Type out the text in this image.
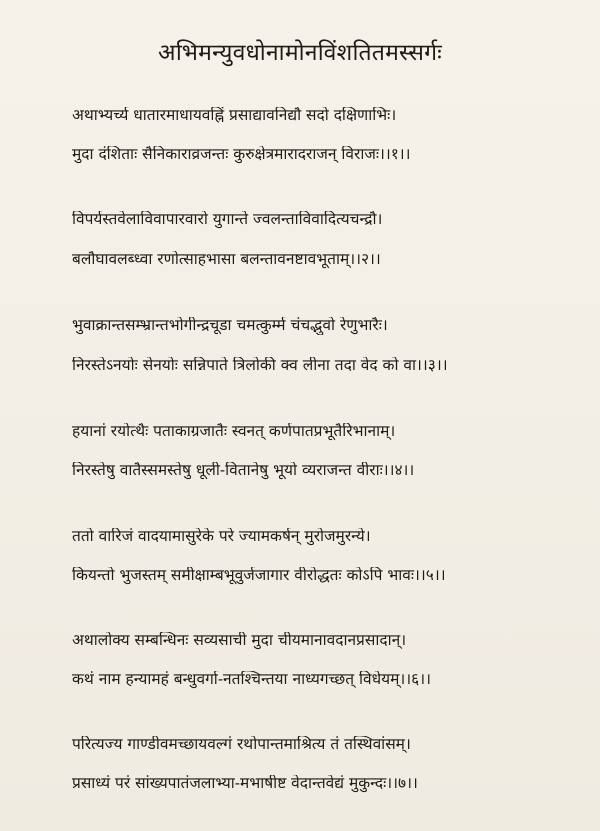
अभिमन्युवधोनामोनविंशतितमस्सर्गः
अथाभ्यर्च्य धातारमाधायवह्निं प्रसाद्यावनिद्यौ सदो दक्षिणाभिः।
मुदा दंशिताः सैनिकाराव्रजन्तः कुरुक्षेत्रमारादराजन् विराजः।।१।।
विपर्यस्तवेलाविवापारवारो युगान्ते ज्वलन्ताविवादित्यचन्द्रौ।
बलौघावलब्ध्वा रणोत्साहभासा बलन्तावनष्टावभूताम्।।२।।
भुवाक्रान्तसम्भ्रान्तभोगीन्द्रचूडा चमत्कुर्म्म चंचद्भुवो रेणुभारैः।
निरस्तेऽनयोः सेनयोः सन्निपाते त्रिलोकी क्व लीना तदा वेद को वा।।३।।
हयानां रयोत्थैः पताकाग्रजातैः स्वनत् कर्णपातप्रभूतैरिभानाम्।
निरस्तेषु वातैस्समस्तेषु धूली-वितानेषु भूयो व्यराजन्त वीराः।।४।।
ततो वारिजं वादयामासुरेके परे ज्यामकर्षन् मुरोजमुरन्ये।
कियन्तो भुजस्तम् समीक्षाम्बभूवुर्जजागार वीरोद्धतः कोऽपि भावः।।५।।
अथालोक्य सम्बन्धिनः सव्यसाची मुदा चीयमानावदानप्रसादान्।
कथं नाम हन्यामहं बन्धुवर्गा-नतश्चिन्तया नाध्यगच्छत् विधेयम्।।६।।
परित्यज्य गाण्डीवमच्छायवल्गं रथोपान्तमाश्रित्य तं तस्थिवांसम्।
प्रसाध्यं परं सांख्यपातंजलाभ्या-मभाषीष्ट वेदान्तवेद्यं मुकुन्दः।।७।।
